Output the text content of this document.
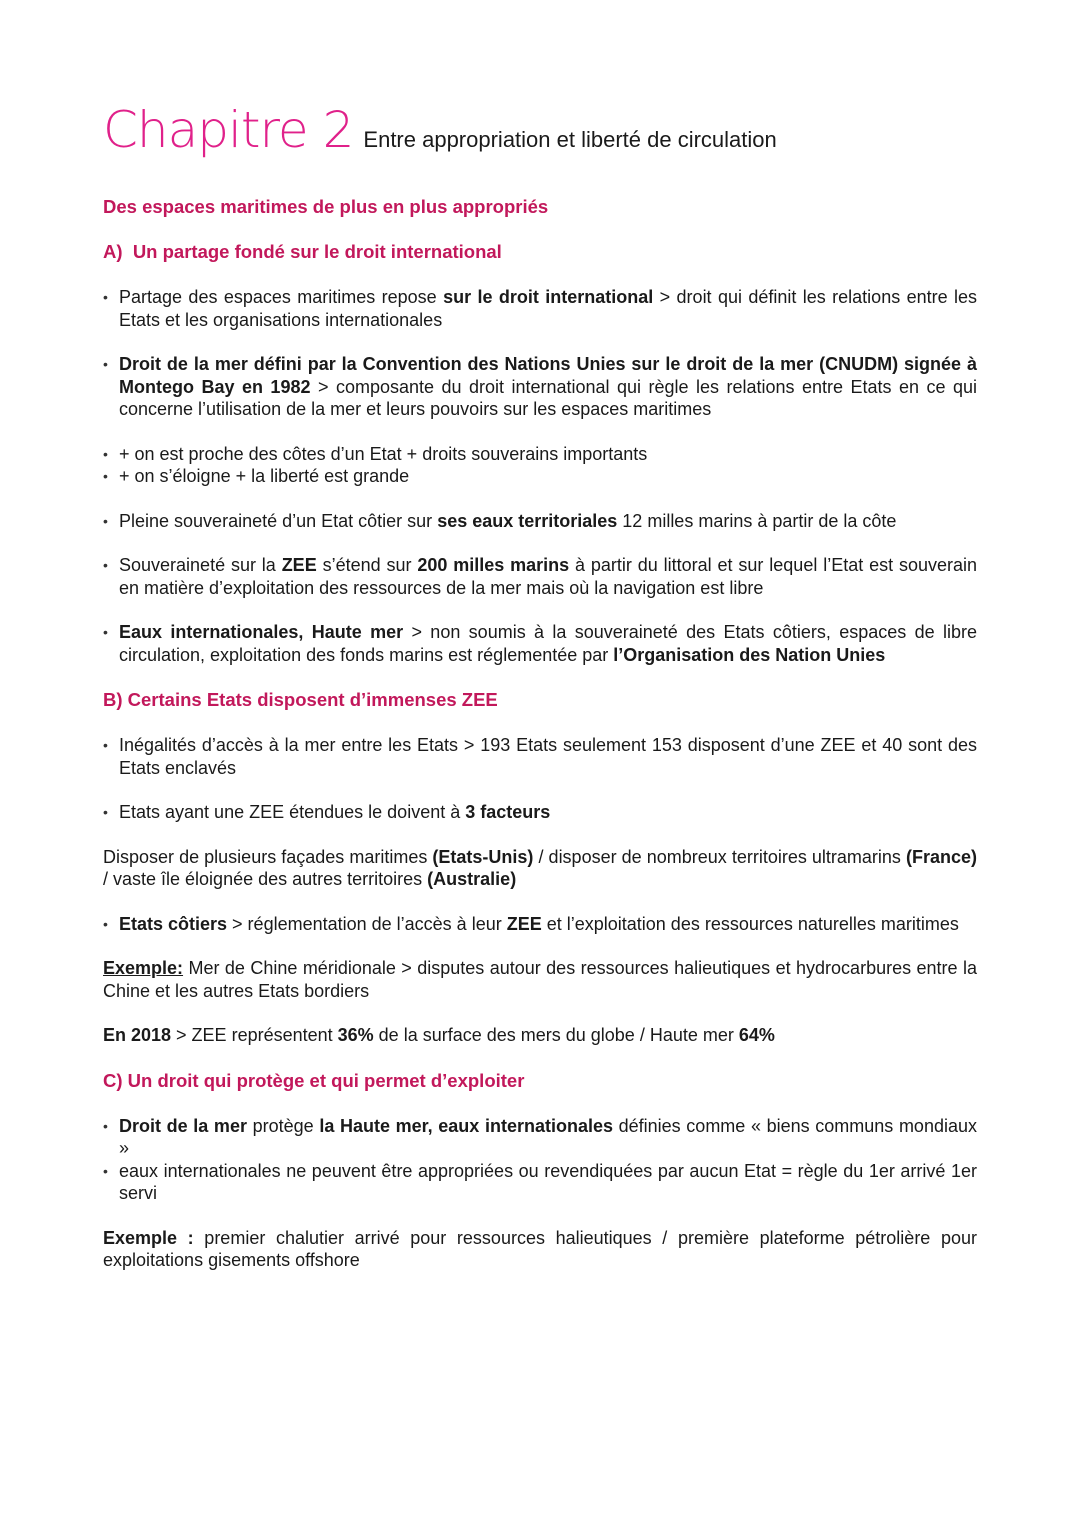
Chapitre 2 Entre appropriation et liberté de circulation
Des espaces maritimes de plus en plus appropriés
A) Un partage fondé sur le droit international
• Partage des espaces maritimes repose sur le droit international > droit qui définit les relations entre les Etats et les organisations internationales
• Droit de la mer défini par la Convention des Nations Unies sur le droit de la mer (CNUDM) signée à Montego Bay en 1982 > composante du droit international qui règle les relations entre Etats en ce qui concerne l’utilisation de la mer et leurs pouvoirs sur les espaces maritimes
• + on est proche des côtes d’un Etat + droits souverains importants
• + on s’éloigne + la liberté est grande
• Pleine souveraineté d’un Etat côtier sur ses eaux territoriales 12 milles marins à partir de la côte
• Souveraineté sur la ZEE s’étend sur 200 milles marins à partir du littoral et sur lequel l’Etat est souverain en matière d’exploitation des ressources de la mer mais où la navigation est libre
• Eaux internationales, Haute mer > non soumis à la souveraineté des Etats côtiers, espaces de libre circulation, exploitation des fonds marins est réglementée par l’Organisation des Nation Unies
B) Certains Etats disposent d’immenses ZEE
• Inégalités d’accès à la mer entre les Etats > 193 Etats seulement 153 disposent d’une ZEE et 40 sont des Etats enclavés
• Etats ayant une ZEE étendues le doivent à 3 facteurs

Disposer de plusieurs façades maritimes (Etats-Unis) / disposer de nombreux territoires ultramarins (France) / vaste île éloignée des autres territoires (Australie)

• Etats côtiers > réglementation de l’accès à leur ZEE et l’exploitation des ressources naturelles maritimes

Exemple: Mer de Chine méridionale > disputes autour des ressources halieutiques et hydrocarbures entre la Chine et les autres Etats bordiers

En 2018 > ZEE représentent 36% de la surface des mers du globe / Haute mer 64%

C) Un droit qui protège et qui permet d’exploiter
• Droit de la mer protège la Haute mer, eaux internationales définies comme « biens communs mondiaux »
• eaux internationales ne peuvent être appropriées ou revendiquées par aucun Etat = règle du 1er arrivé 1er servi

Exemple : premier chalutier arrivé pour ressources halieutiques / première plateforme pétrolière pour exploitations gisements offshore
